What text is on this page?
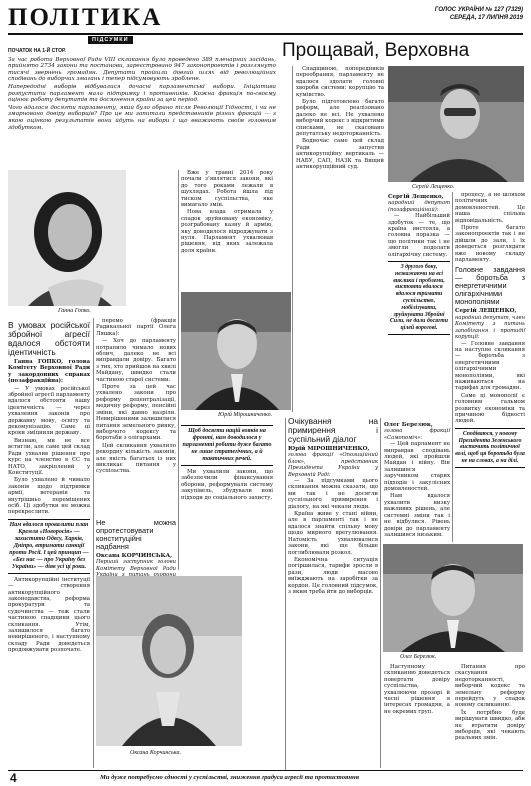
ПОЛІТИКА	ГОЛОС УКРАЇНИ № 127 (7329)
СЕРЕДА, 17 ЛИПНЯ 2019
ПІДСУМКИ	Прощавай, Верховна
ПОЧАТОК НА 1-Й СТОР.

За чаc роботи Верховної Ради VIII скликання було проведено 389 пленарних засідань, прийнято 2734 закони та постанови, зареєстровано 947 законопроектів і розглянуто тисячі звернень громадян. Депутати пройшли довгий шлях від революційних сподівань до виборчих змагань і тепер підсумовують зроблене.

Напередодні виборів відбувалися дочасні парламентські вибори. Ініціатива розпустити парламент мала підтримку і противників. Кожна фракція по-своєму оцінює роботу депутатів та досягнення країни за цей період.

Чого вдалося досягти парламенту, який було обрано після Революції Гідності, і чи не змарновано довіру виборців? Про це ми запитали представників різних фракцій — з якою оцінкою результатів вони йдуть на вибори і що вважають своїм головним здобутком.

Ганна Гопко.
В умовах російської збройної агресії вдалося обстояти ідентичність

Ганна ГОПКО, голова Комітету Верховної Ради у закордонних справах (позафракційна):

— У умовах російської збройної агресії парламенту вдалося обстояти нашу ідентичність — через ухвалення законів про державну мову, освіту та декомунізацію. Саме ці кроки зміцнили державу.

Визнаю, ми не все встигли, але саме цей склад Ради ухвалив рішення про курс на членство в ЄС та НАТО, закріплений у Конституції.

Було ухвалено й чимало законів щодо підтримки армії, ветеранів та внутрішньо переміщених осіб. Ці здобутки не можна перекреслити.

Нам вдалося провалити план Кремля «Новоросія» — захистити Одесу, Харків, Дніпро, втримати санкції проти Росії. І цей принцип — «Без нас — про Україну без України» — діяв усі ці роки.

Антикорупційні інституції — створення антикорупційного законодавства, реформа прокуратури та судочинства — теж стали частиною спадщини цього скликання. Утім, залишилося багато невирішеного, і наступному складу Ради доведеться продовжувати розпочате.

перемо (фракція Радикальної партії Олега Ляшка):

— Хоч до парламенту потрапило чимало нових облич, далеко не всі виправдали довіру. Багато з тих, хто прийшов на хвилі Майдану, швидко стали частиною старої системи.

Проте за цей час ухвалено закони про реформу децентралізації, медичну реформу, пенсійні зміни, які давно назріли. Невирішеними залишилися питання земельного ринку, виборчого кодексу та боротьби з олігархами.

Цей скликання ухвалило рекордну кількість законів, але якість багатьох із них викликає питання у суспільства.

Не можна опротестовувати конституційні надбання
Оксана КОРЧИНСЬКА,
Перший заступник голови Комітету Верховної Ради
Оксана Корчинська.

Вже у травні 2014 року почали з’являтися закони, які до того роками лежали в шухлядах. Робота йшла під тиском суспільства, яке вимагало змін.

Нова влада отримала у спадок зруйновану економіку, розграбовану казну й армію, яку доводилося відроджувати з нуля. Парламент ухвалював рішення, від яких залежала доля країни.

Юрій Мірошниченко.
Щоб досягти націй вояків на фронті, нам доводилося у парламенті робити дуже багато не лише стратегічних, а й тактичних речей.

Ми ухвалили закони, що забезпечили фінансування оборони, реформували систему закупівель, збудували нові підходи до соціального захисту.

Очікування на примирення і суспільний діалог
Юрій МІРОШНИЧЕНКО,
голова фракції «Опозиційний блок», представник Президента України у Верховній Раді:

— За підсумками цього скликання можна сказати, що ми так і не досягли суспільного примирення і діалогу, на які чекали люди.

Країна живе у стані війни, але в парламенті так і не вдалося знайти спільну мову щодо мирного врегулювання. Натомість ухвалювалися закони, які ще більше поглиблювали розкол.

Економічна ситуація погіршилася, тарифи зросли в рази, люди масово виїжджають на заробітки за кордон. Це головний підсумок, з яким треба йти до виборців.

Спадщиною, попередників переобрання, парламенту не вдалося здолати головні хвороби системи: корупцію та кумівство.

Було підготовлено багато реформ, але реалізовано далеко не всі. Не ухвалено виборчий кодекс з відкритими списками, не скасовано депутатську недоторканність.

Водночас саме цей склад Ради запустив антикорупційну вертикаль — НАБУ, САП, НАЗК та Вищий антикорупційний суд.

Сергій Лещенко.
Сергій Лещенко,
народний депутат (позафракційний):

— Найбільший здобуток — те, що країна вистояла, а головна поразка — що політики так і не змогли подолати олігархічну систему.

З другого боку, незважаючи на всі виклики і проблеми, вистояти вдалося вдалося тримати суспільство, мобілізувати, зруйнувати Збройні Сили, не дали досягти цілей ворогові.

процесу, а не шляхом політичних домовленостей. Це наша спільна відповідальність.

Проте багато законопроектів так і не дійшли до зали, і їх доведеться розглядати вже новому складу парламенту.

Головне завдання — боротьба з енергетичними олігархічними монополіями
Сергій ЛЕЩЕНКО,
народний депутат, член Комітету з питань запобігання і протидії корупції:

— Головне завдання на наступне скликання — боротьба з енергетичними олігархічними монополіями, які наживаються на тарифах для громадян.

Саме ці монополії є головним гальмом розвитку економіки та причиною бідності людей.

Сподіваюся, у новому Президента Зеленського вистачить політичної волі, щоб ця боротьба була не на словах, а на ділі.
Олег Березюк.
Олег Березюк,
голова фракції «Самопоміч»:

— Цей парламент не виправдав сподівань людей, які пройшли Майдан і війну. Він залишився заручником старих підходів і закулісних домовленостей.

Нам вдалося ухвалити низку важливих рішень, але системні зміни так і не відбулися. Рівень довіри до парламенту залишився низьким.

Наступному скликанню доведеться повертати довіру суспільства, ухвалюючи прозорі й чесні рішення в інтересах громадян, а не окремих груп.

Питання про скасування недоторканності, виборчий кодекс та земельну реформу перейдуть у спадок новому скликанню.

Їх потрібно буде вирішувати швидко, аби не втратити довіру виборців, які чекають реальних змін.

4	Ми дуже потребуємо єдності у суспільстві, зниження градуса агресії та протистояння
